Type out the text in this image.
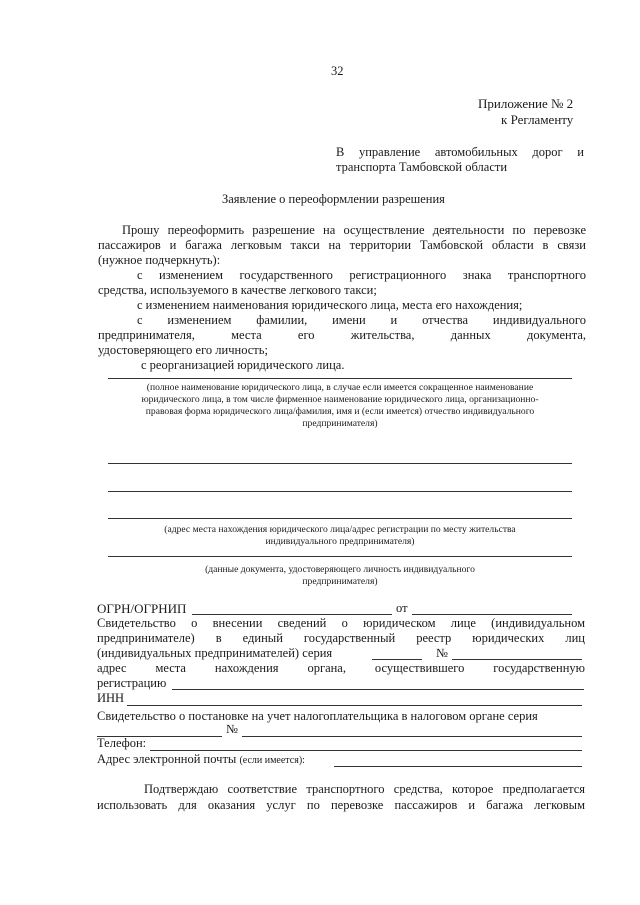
32
Приложение № 2
к Регламенту
В управление автомобильных дорог и
транспорта Тамбовской области
Заявление о переоформлении разрешения
Прошу переоформить разрешение на осуществление деятельности по перевозке
пассажиров и багажа легковым такси на территории Тамбовской области в связи
(нужное подчеркнуть):
с изменением государственного регистрационного знака транспортного
средства, используемого в качестве легкового такси;
с изменением наименования юридического лица, места его нахождения;
с изменением фамилии, имени и отчества индивидуального
предпринимателя, места его жительства, данных документа,
удостоверяющего его личность;
с реорганизацией юридического лица.
(полное наименование юридического лица, в случае если имеется сокращенное наименование
юридического лица, в том числе фирменное наименование юридического лица, организационно-
правовая форма юридического лица/фамилия, имя и (если имеется) отчество индивидуального
предпринимателя)
(адрес места нахождения юридического лица/адрес регистрации по месту жительства
индивидуального предпринимателя)
(данные документа, удостоверяющего личность индивидуального
предпринимателя)
ОГРН/ОГРНИП	от
Свидетельство о внесении сведений о юридическом лице (индивидуальном
предпринимателе) в единый государственный реестр юридических лиц
(индивидуальных предпринимателей) серия	№
адрес места нахождения органа, осуществившего государственную
регистрацию
ИНН
Свидетельство о постановке на учет налогоплательщика в налоговом органе серия
№
Телефон:
Адрес электронной почты (если имеется):
Подтверждаю соответствие транспортного средства, которое предполагается
использовать для оказания услуг по перевозке пассажиров и багажа легковым
